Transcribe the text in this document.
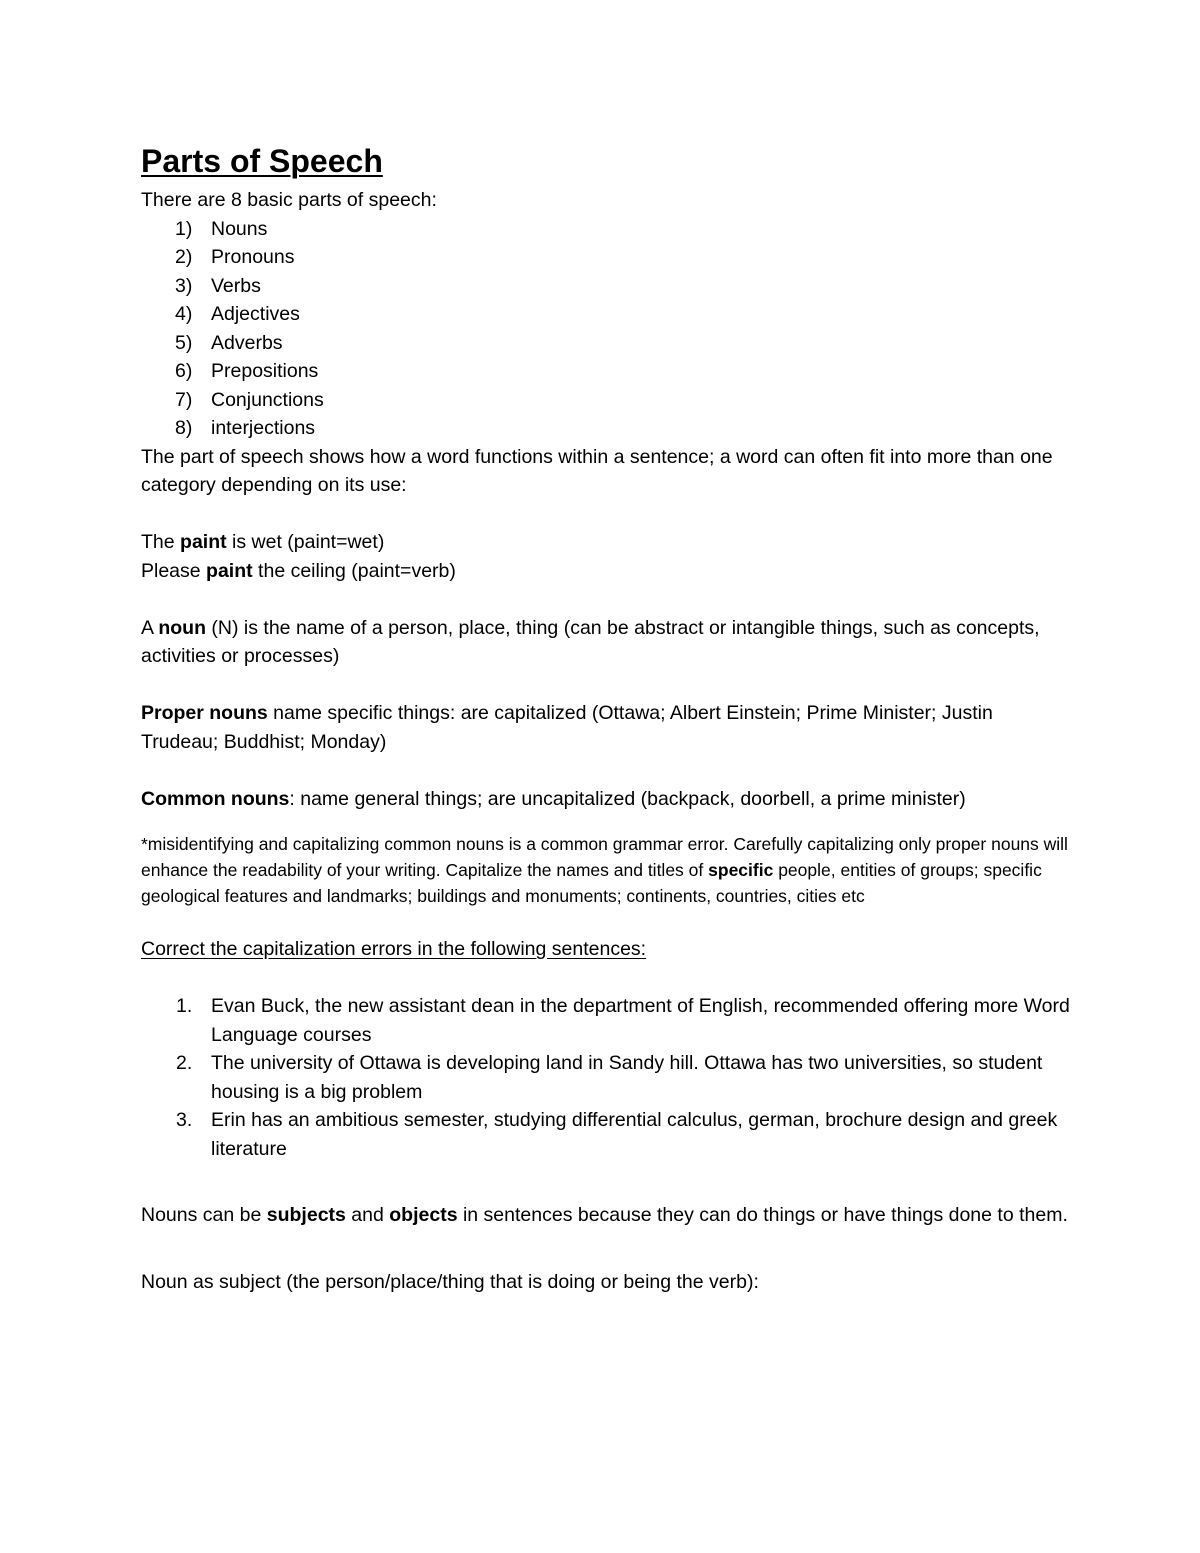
Parts of Speech

There are 8 basic parts of speech:

1) Nouns
2) Pronouns
3) Verbs
4) Adjectives
5) Adverbs
6) Prepositions
7) Conjunctions
8) interjections

The part of speech shows how a word functions within a sentence; a word can often fit into more than one category depending on its use:

The paint is wet (paint=wet)

Please paint the ceiling (paint=verb)

A noun (N) is the name of a person, place, thing (can be abstract or intangible things, such as concepts, activities or processes)

Proper nouns name specific things: are capitalized (Ottawa; Albert Einstein; Prime Minister; Justin Trudeau; Buddhist; Monday)

Common nouns: name general things; are uncapitalized (backpack, doorbell, a prime minister)

*misidentifying and capitalizing common nouns is a common grammar error. Carefully capitalizing only proper nouns will enhance the readability of your writing. Capitalize the names and titles of specific people, entities of groups; specific geological features and landmarks; buildings and monuments; continents, countries, cities etc

Correct the capitalization errors in the following sentences:

1. Evan Buck, the new assistant dean in the department of English, recommended offering more Word Language courses
2. The university of Ottawa is developing land in Sandy hill. Ottawa has two universities, so student housing is a big problem
3. Erin has an ambitious semester, studying differential calculus, german, brochure design and greek literature

Nouns can be subjects and objects in sentences because they can do things or have things done to them.

Noun as subject (the person/place/thing that is doing or being the verb):
